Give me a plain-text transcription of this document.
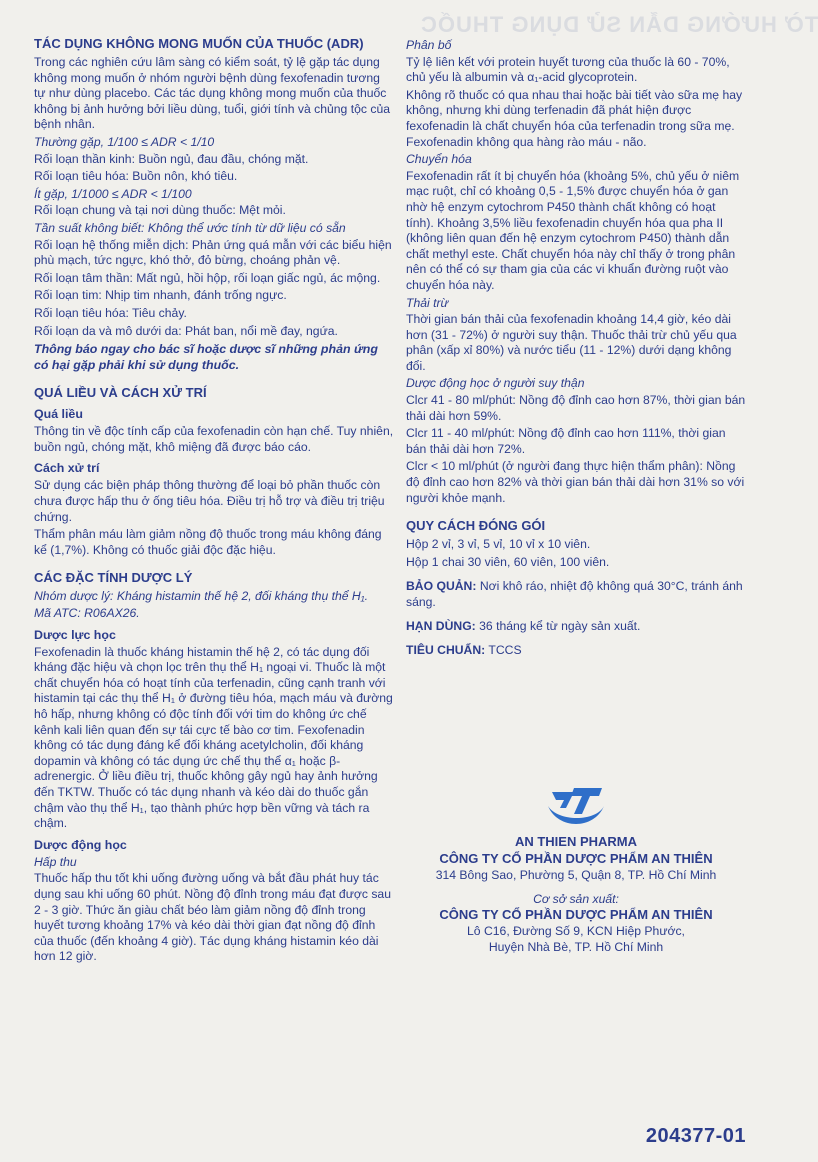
TỜ HƯỚNG DẪN SỬ DỤNG THUỐC
TÁC DỤNG KHÔNG MONG MUỐN CỦA THUỐC (ADR)
Trong các nghiên cứu lâm sàng có kiểm soát, tỷ lệ gặp tác dụng không mong muốn ở nhóm người bệnh dùng fexofenadin tương tự như dùng placebo. Các tác dụng không mong muốn của thuốc không bị ảnh hưởng bởi liều dùng, tuổi, giới tính và chủng tộc của bệnh nhân.
Thường gặp, 1/100 ≤ ADR < 1/10
Rối loạn thần kinh: Buồn ngủ, đau đầu, chóng mặt.
Rối loạn tiêu hóa: Buồn nôn, khó tiêu.
Ít gặp, 1/1000 ≤ ADR < 1/100
Rối loạn chung và tại nơi dùng thuốc: Mệt mỏi.
Tần suất không biết: Không thể ước tính từ dữ liệu có sẵn
Rối loạn hệ thống miễn dịch: Phản ứng quá mẫn với các biểu hiện phù mạch, tức ngực, khó thở, đỏ bừng, choáng phản vệ.
Rối loạn tâm thần: Mất ngủ, hồi hộp, rối loạn giấc ngủ, ác mộng.
Rối loạn tim: Nhịp tim nhanh, đánh trống ngực.
Rối loạn tiêu hóa: Tiêu chảy.
Rối loạn da và mô dưới da: Phát ban, nổi mề đay, ngứa.
Thông báo ngay cho bác sĩ hoặc dược sĩ những phản ứng có hại gặp phải khi sử dụng thuốc.
QUÁ LIỀU VÀ CÁCH XỬ TRÍ
Quá liều
Thông tin về độc tính cấp của fexofenadin còn hạn chế. Tuy nhiên, buồn ngủ, chóng mặt, khô miệng đã được báo cáo.
Cách xử trí
Sử dụng các biện pháp thông thường để loại bỏ phần thuốc còn chưa được hấp thu ở ống tiêu hóa. Điều trị hỗ trợ và điều trị triệu chứng.
Thẩm phân máu làm giảm nồng độ thuốc trong máu không đáng kể (1,7%). Không có thuốc giải độc đặc hiệu.
CÁC ĐẶC TÍNH DƯỢC LÝ
Nhóm dược lý: Kháng histamin thế hệ 2, đối kháng thụ thể H₁.
Mã ATC: R06AX26.
Dược lực học
Fexofenadin là thuốc kháng histamin thế hệ 2, có tác dụng đối kháng đặc hiệu và chọn lọc trên thụ thể H₁ ngoại vi. Thuốc là một chất chuyển hóa có hoạt tính của terfenadin, cũng cạnh tranh với histamin tại các thụ thể H₁ ở đường tiêu hóa, mạch máu và đường hô hấp, nhưng không có độc tính đối với tim do không ức chế kênh kali liên quan đến sự tái cực tế bào cơ tim. Fexofenadin không có tác dụng đáng kể đối kháng acetylcholin, đối kháng dopamin và không có tác dụng ức chế thụ thể α₁ hoặc β-adrenergic. Ở liều điều trị, thuốc không gây ngủ hay ảnh hưởng đến TKTW. Thuốc có tác dụng nhanh và kéo dài do thuốc gắn chậm vào thụ thể H₁, tạo thành phức hợp bền vững và tách ra chậm.
Dược động học
Hấp thu
Thuốc hấp thu tốt khi uống đường uống và bắt đầu phát huy tác dụng sau khi uống 60 phút. Nồng độ đỉnh trong máu đạt được sau 2 - 3 giờ. Thức ăn giàu chất béo làm giảm nồng độ đỉnh trong huyết tương khoảng 17% và kéo dài thời gian đạt nồng độ đỉnh của thuốc (đến khoảng 4 giờ). Tác dụng kháng histamin kéo dài hơn 12 giờ.
Phân bố
Tỷ lệ liên kết với protein huyết tương của thuốc là 60 - 70%, chủ yếu là albumin và α₁-acid glycoprotein.
Không rõ thuốc có qua nhau thai hoặc bài tiết vào sữa mẹ hay không, nhưng khi dùng terfenadin đã phát hiện được fexofenadin là chất chuyển hóa của terfenadin trong sữa mẹ. Fexofenadin không qua hàng rào máu - não.
Chuyển hóa
Fexofenadin rất ít bị chuyển hóa (khoảng 5%, chủ yếu ở niêm mạc ruột, chỉ có khoảng 0,5 - 1,5% được chuyển hóa ở gan nhờ hệ enzym cytochrom P450 thành chất không có hoạt tính). Khoảng 3,5% liều fexofenadin chuyển hóa qua pha II (không liên quan đến hệ enzym cytochrom P450) thành dẫn chất methyl este. Chất chuyển hóa này chỉ thấy ở trong phân nên có thể có sự tham gia của các vi khuẩn đường ruột vào chuyển hóa này.
Thải trừ
Thời gian bán thải của fexofenadin khoảng 14,4 giờ, kéo dài hơn (31 - 72%) ở người suy thận. Thuốc thải trừ chủ yếu qua phân (xấp xỉ 80%) và nước tiểu (11 - 12%) dưới dạng không đổi.
Dược động học ở người suy thận
Clcr 41 - 80 ml/phút: Nồng độ đỉnh cao hơn 87%, thời gian bán thải dài hơn 59%.
Clcr 11 - 40 ml/phút: Nồng độ đỉnh cao hơn 111%, thời gian bán thải dài hơn 72%.
Clcr < 10 ml/phút (ở người đang thực hiện thẩm phân): Nồng độ đỉnh cao hơn 82% và thời gian bán thải dài hơn 31% so với người khỏe mạnh.
QUY CÁCH ĐÓNG GÓI
Hộp 2 vỉ, 3 vỉ, 5 vỉ, 10 vỉ x 10 viên.
Hộp 1 chai 30 viên, 60 viên, 100 viên.
BẢO QUẢN: Nơi khô ráo, nhiệt độ không quá 30°C, tránh ánh sáng.
HẠN DÙNG: 36 tháng kể từ ngày sản xuất.
TIÊU CHUẨN: TCCS
AN THIEN PHARMA
CÔNG TY CỔ PHẦN DƯỢC PHẨM AN THIÊN
314 Bông Sao, Phường 5, Quận 8, TP. Hồ Chí Minh
Cơ sở sản xuất:
CÔNG TY CỔ PHẦN DƯỢC PHẨM AN THIÊN
Lô C16, Đường Số 9, KCN Hiệp Phước,
Huyện Nhà Bè, TP. Hồ Chí Minh
204377-01
